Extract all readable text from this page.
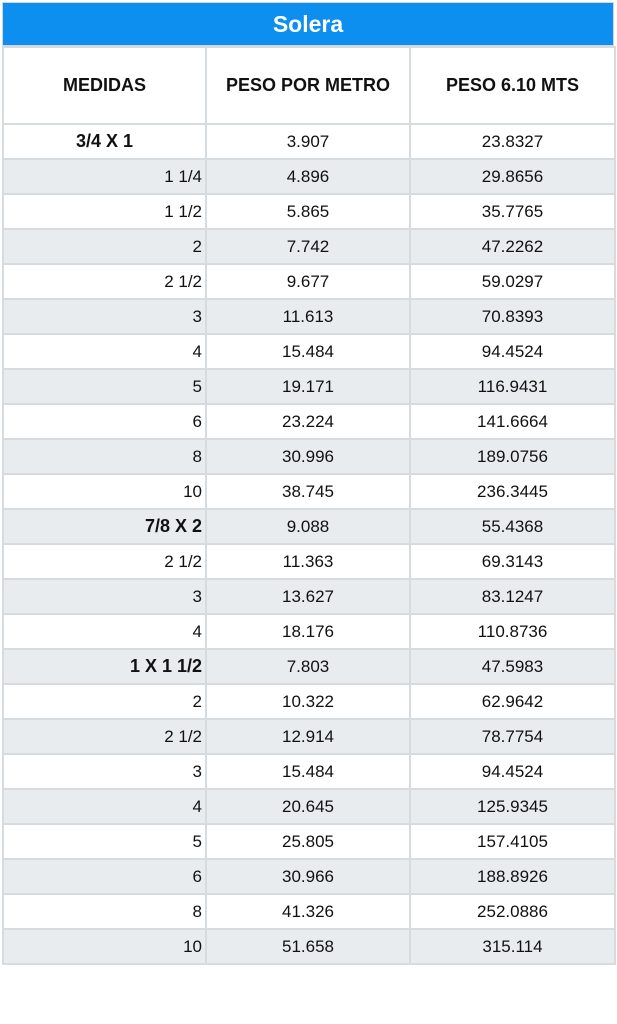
Solera
MEDIDAS	PESO POR METRO	PESO 6.10 MTS
3/4 X 1	3.907	23.8327
1 1/4	4.896	29.8656
1 1/2	5.865	35.7765
2	7.742	47.2262
2 1/2	9.677	59.0297
3	11.613	70.8393
4	15.484	94.4524
5	19.171	116.9431
6	23.224	141.6664
8	30.996	189.0756
10	38.745	236.3445
7/8 X 2	9.088	55.4368
2 1/2	11.363	69.3143
3	13.627	83.1247
4	18.176	110.8736
1 X 1 1/2	7.803	47.5983
2	10.322	62.9642
2 1/2	12.914	78.7754
3	15.484	94.4524
4	20.645	125.9345
5	25.805	157.4105
6	30.966	188.8926
8	41.326	252.0886
10	51.658	315.114
